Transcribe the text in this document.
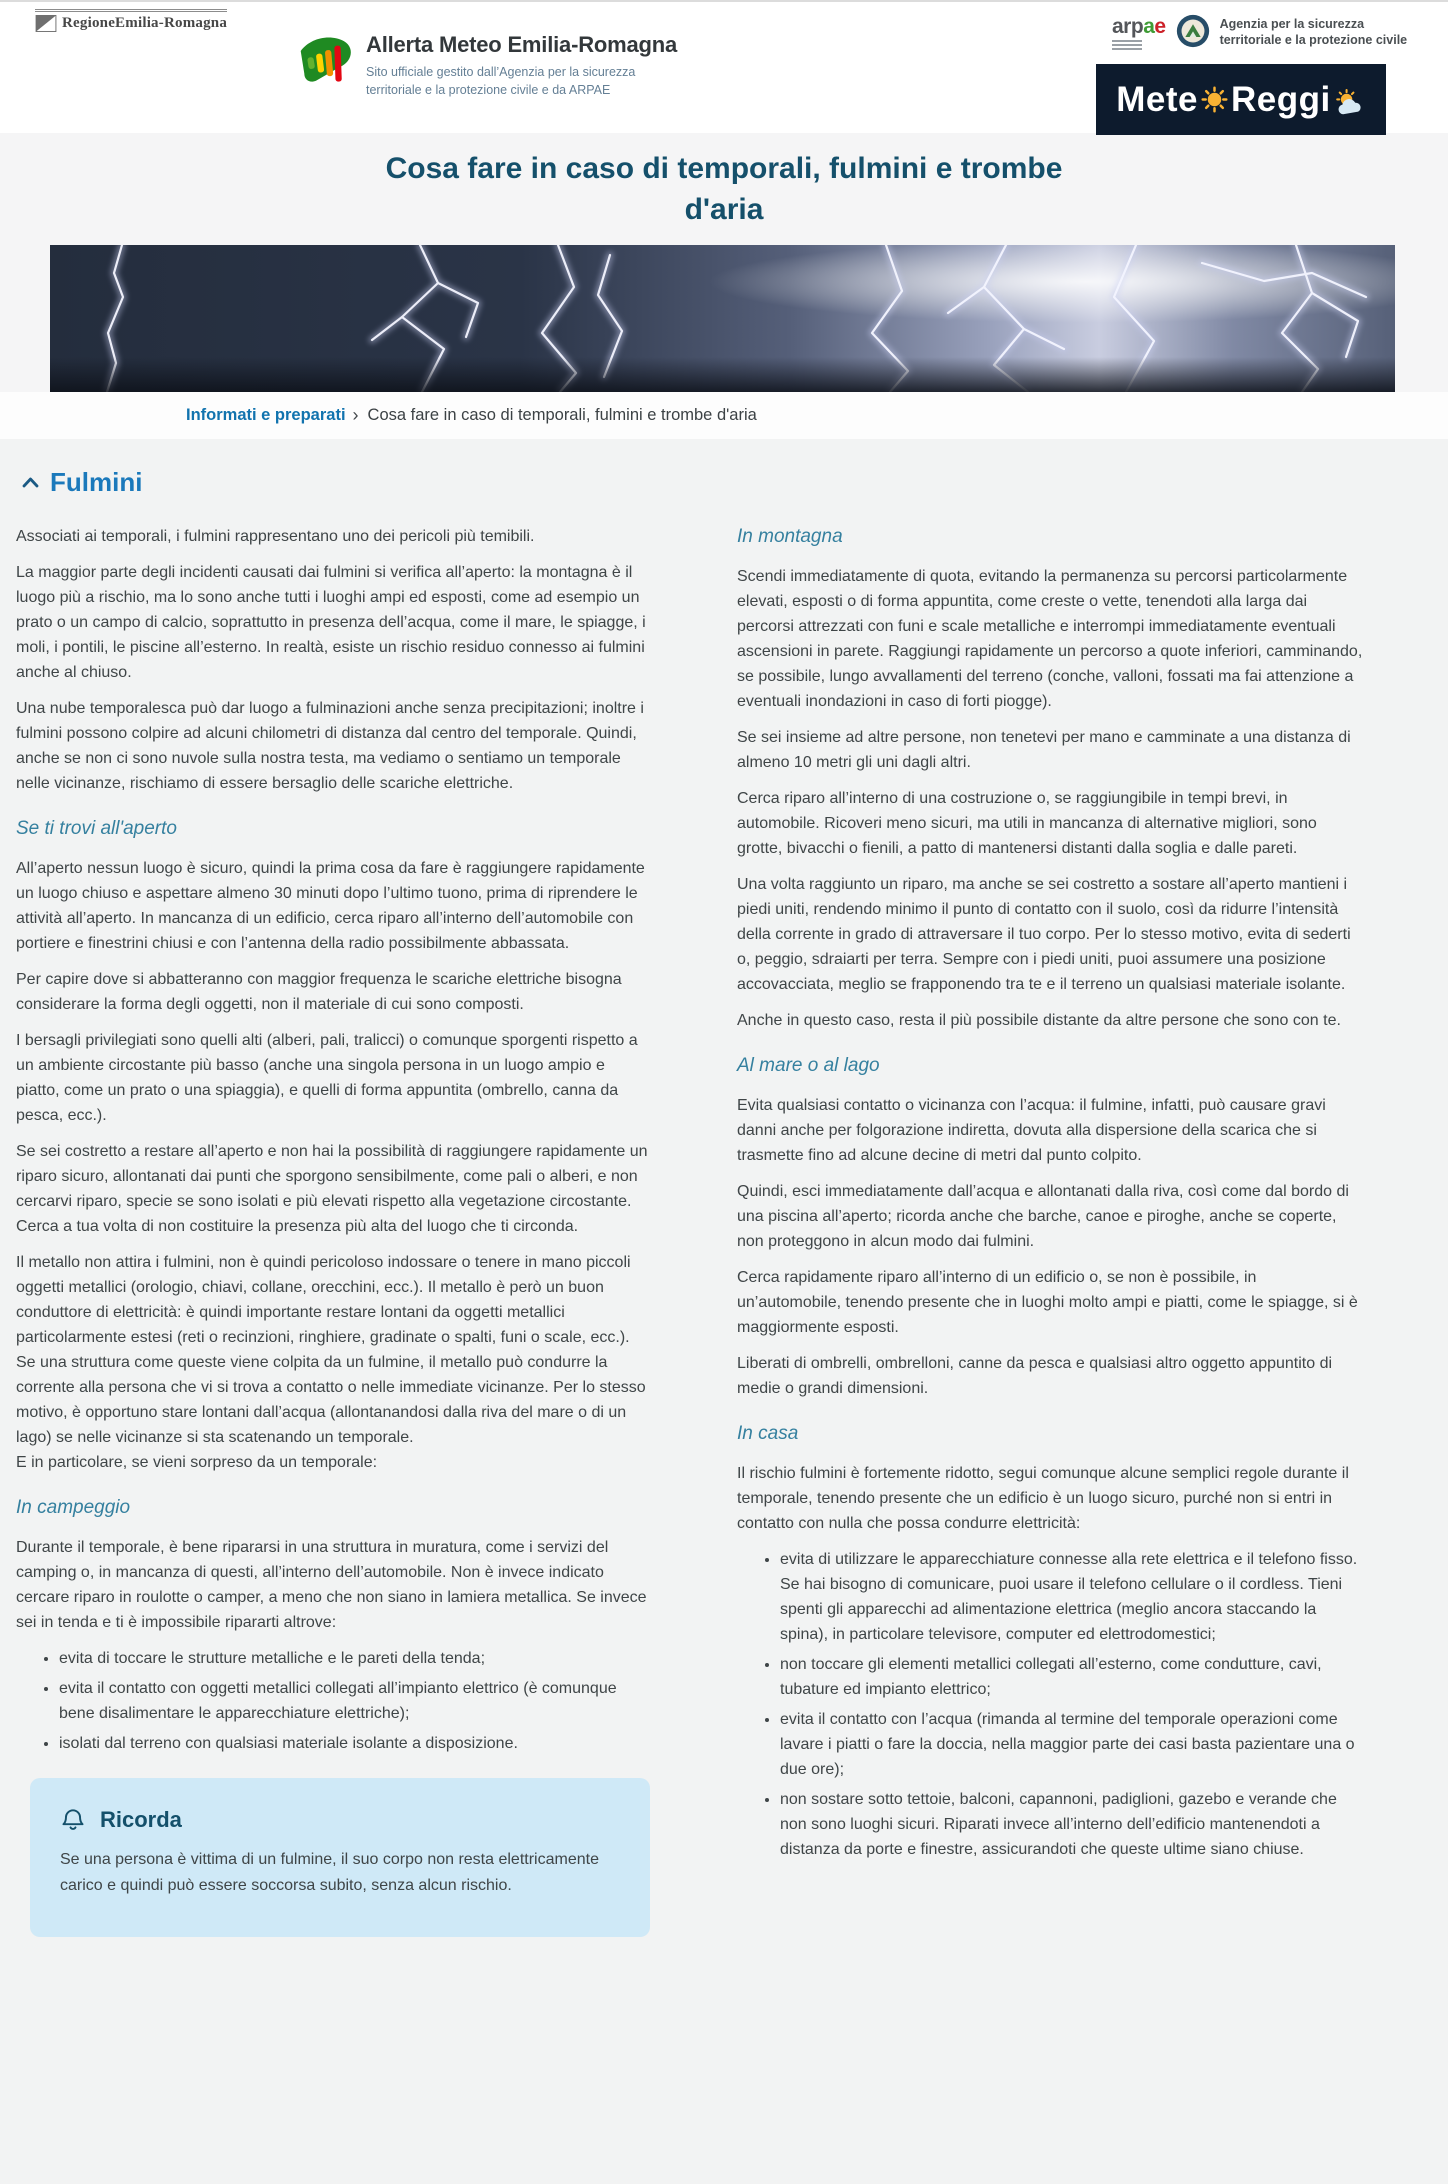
RegioneEmilia-Romagna
Allerta Meteo Emilia-Romagna
Sito ufficiale gestito dall’Agenzia per la sicurezza territoriale e la protezione civile e da ARPAE
arpae	Agenzia per la sicurezza territoriale e la protezione civile
Mete Reggi
Cosa fare in caso di temporali, fulmini e trombe d'aria
Informati e preparati › Cosa fare in caso di temporali, fulmini e trombe d'aria
Fulmini

Associati ai temporali, i fulmini rappresentano uno dei pericoli più temibili.

La maggior parte degli incidenti causati dai fulmini si verifica all’aperto: la montagna è il luogo più a rischio, ma lo sono anche tutti i luoghi ampi ed esposti, come ad esempio un prato o un campo di calcio, soprattutto in presenza dell’acqua, come il mare, le spiagge, i moli, i pontili, le piscine all’esterno. In realtà, esiste un rischio residuo connesso ai fulmini anche al chiuso.

Una nube temporalesca può dar luogo a fulminazioni anche senza precipitazioni; inoltre i fulmini possono colpire ad alcuni chilometri di distanza dal centro del temporale. Quindi, anche se non ci sono nuvole sulla nostra testa, ma vediamo o sentiamo un temporale nelle vicinanze, rischiamo di essere bersaglio delle scariche elettriche.

Se ti trovi all'aperto

All’aperto nessun luogo è sicuro, quindi la prima cosa da fare è raggiungere rapidamente un luogo chiuso e aspettare almeno 30 minuti dopo l’ultimo tuono, prima di riprendere le attività all’aperto. In mancanza di un edificio, cerca riparo all’interno dell’automobile con portiere e finestrini chiusi e con l’antenna della radio possibilmente abbassata.

Per capire dove si abbatteranno con maggior frequenza le scariche elettriche bisogna considerare la forma degli oggetti, non il materiale di cui sono composti.

I bersagli privilegiati sono quelli alti (alberi, pali, tralicci) o comunque sporgenti rispetto a un ambiente circostante più basso (anche una singola persona in un luogo ampio e piatto, come un prato o una spiaggia), e quelli di forma appuntita (ombrello, canna da pesca, ecc.).

Se sei costretto a restare all’aperto e non hai la possibilità di raggiungere rapidamente un riparo sicuro, allontanati dai punti che sporgono sensibilmente, come pali o alberi, e non cercarvi riparo, specie se sono isolati e più elevati rispetto alla vegetazione circostante. Cerca a tua volta di non costituire la presenza più alta del luogo che ti circonda.

Il metallo non attira i fulmini, non è quindi pericoloso indossare o tenere in mano piccoli oggetti metallici (orologio, chiavi, collane, orecchini, ecc.). Il metallo è però un buon conduttore di elettricità: è quindi importante restare lontani da oggetti metallici particolarmente estesi (reti o recinzioni, ringhiere, gradinate o spalti, funi o scale, ecc.). Se una struttura come queste viene colpita da un fulmine, il metallo può condurre la corrente alla persona che vi si trova a contatto o nelle immediate vicinanze. Per lo stesso motivo, è opportuno stare lontani dall’acqua (allontanandosi dalla riva del mare o di un lago) se nelle vicinanze si sta scatenando un temporale.

E in particolare, se vieni sorpreso da un temporale:

In campeggio

Durante il temporale, è bene ripararsi in una struttura in muratura, come i servizi del camping o, in mancanza di questi, all’interno dell’automobile. Non è invece indicato cercare riparo in roulotte o camper, a meno che non siano in lamiera metallica. Se invece sei in tenda e ti è impossibile ripararti altrove:

• evita di toccare le strutture metalliche e le pareti della tenda;
• evita il contatto con oggetti metallici collegati all’impianto elettrico (è comunque bene disalimentare le apparecchiature elettriche);
• isolati dal terreno con qualsiasi materiale isolante a disposizione.
Ricorda
Se una persona è vittima di un fulmine, il suo corpo non resta elettricamente carico e quindi può essere soccorsa subito, senza alcun rischio.
In montagna

Scendi immediatamente di quota, evitando la permanenza su percorsi particolarmente elevati, esposti o di forma appuntita, come creste o vette, tenendoti alla larga dai percorsi attrezzati con funi e scale metalliche e interrompi immediatamente eventuali ascensioni in parete. Raggiungi rapidamente un percorso a quote inferiori, camminando, se possibile, lungo avvallamenti del terreno (conche, valloni, fossati ma fai attenzione a eventuali inondazioni in caso di forti piogge).

Se sei insieme ad altre persone, non tenetevi per mano e camminate a una distanza di almeno 10 metri gli uni dagli altri.

Cerca riparo all’interno di una costruzione o, se raggiungibile in tempi brevi, in automobile. Ricoveri meno sicuri, ma utili in mancanza di alternative migliori, sono grotte, bivacchi o fienili, a patto di mantenersi distanti dalla soglia e dalle pareti.

Una volta raggiunto un riparo, ma anche se sei costretto a sostare all’aperto mantieni i piedi uniti, rendendo minimo il punto di contatto con il suolo, così da ridurre l’intensità della corrente in grado di attraversare il tuo corpo. Per lo stesso motivo, evita di sederti o, peggio, sdraiarti per terra. Sempre con i piedi uniti, puoi assumere una posizione accovacciata, meglio se frapponendo tra te e il terreno un qualsiasi materiale isolante.

Anche in questo caso, resta il più possibile distante da altre persone che sono con te.

Al mare o al lago

Evita qualsiasi contatto o vicinanza con l’acqua: il fulmine, infatti, può causare gravi danni anche per folgorazione indiretta, dovuta alla dispersione della scarica che si trasmette fino ad alcune decine di metri dal punto colpito.

Quindi, esci immediatamente dall’acqua e allontanati dalla riva, così come dal bordo di una piscina all’aperto; ricorda anche che barche, canoe e piroghe, anche se coperte, non proteggono in alcun modo dai fulmini.

Cerca rapidamente riparo all’interno di un edificio o, se non è possibile, in un’automobile, tenendo presente che in luoghi molto ampi e piatti, come le spiagge, si è maggiormente esposti.

Liberati di ombrelli, ombrelloni, canne da pesca e qualsiasi altro oggetto appuntito di medie o grandi dimensioni.

In casa

Il rischio fulmini è fortemente ridotto, segui comunque alcune semplici regole durante il temporale, tenendo presente che un edificio è un luogo sicuro, purché non si entri in contatto con nulla che possa condurre elettricità:

• evita di utilizzare le apparecchiature connesse alla rete elettrica e il telefono fisso. Se hai bisogno di comunicare, puoi usare il telefono cellulare o il cordless. Tieni spenti gli apparecchi ad alimentazione elettrica (meglio ancora staccando la spina), in particolare televisore, computer ed elettrodomestici;
• non toccare gli elementi metallici collegati all’esterno, come condutture, cavi, tubature ed impianto elettrico;
• evita il contatto con l’acqua (rimanda al termine del temporale operazioni come lavare i piatti o fare la doccia, nella maggior parte dei casi basta pazientare una o due ore);
• non sostare sotto tettoie, balconi, capannoni, padiglioni, gazebo e verande che non sono luoghi sicuri. Riparati invece all’interno dell’edificio mantenendoti a distanza da porte e finestre, assicurandoti che queste ultime siano chiuse.
